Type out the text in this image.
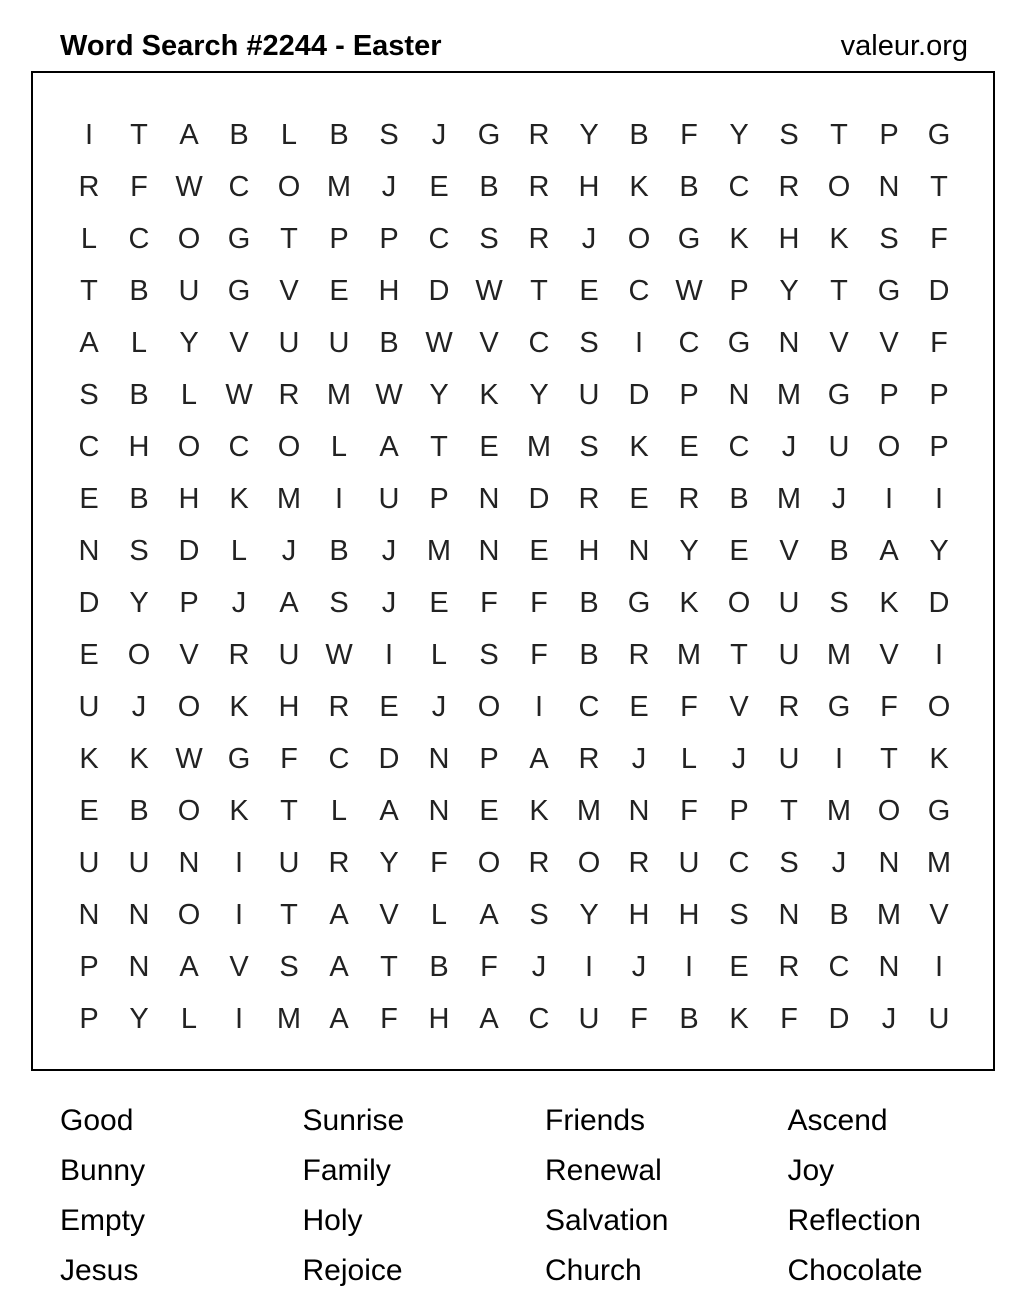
Word Search #2244 - Easter	valeur.org
I	T	A	B	L	B	S	J	G R	Y	B	F	Y	S	T	P	G
R	F W C O M	J	E	B	R	H	K	B	C	R O N	T
L	C O G	T	P	P	C	S	R	J	O G	K	H	K	S	F
T	B	U G	V	E	H	D W T	E	C W P	Y	T	G D
A	L	Y	V	U	U	B W V	C	S	I	C G N	V	V	F
S	B	L W R M W Y	K	Y	U	D	P	N M G	P	P
C	H O C O	L	A	T	E M S	K	E	C	J	U O	P
E	B	H	K M	I	U	P	N	D	R	E	R	B M	J	I	I
N	S	D	L	J	B	J	M N	E	H	N	Y	E	V	B	A	Y
D	Y	P	J	A	S	J	E	F	F	B	G	K	O U	S	K	D
E	O	V	R	U W	I	L	S	F	B	R M	T	U M V	I
U	J	O	K	H	R	E	J	O	I	C	E	F	V	R G	F	O
K	K W G	F	C	D	N	P	A	R	J	L	J	U	I	T	K
E	B	O	K	T	L	A	N	E	K M N	F	P	T	M O G
U	U	N	I	U	R	Y	F	O R O R	U	C	S	J	N M
N	N O	I	T	A	V	L	A	S	Y	H	H	S	N	B M V
P	N	A	V	S	A	T	B	F	J	I	J	I	E	R	C	N	I
P	Y	L	I	M A	F	H	A	C	U	F	B	K	F	D	J	U
Good	Sunrise	Friends	Ascend
Bunny	Family	Renewal	Joy
Empty	Holy	Salvation	Reflection
Jesus	Rejoice	Church	Chocolate
